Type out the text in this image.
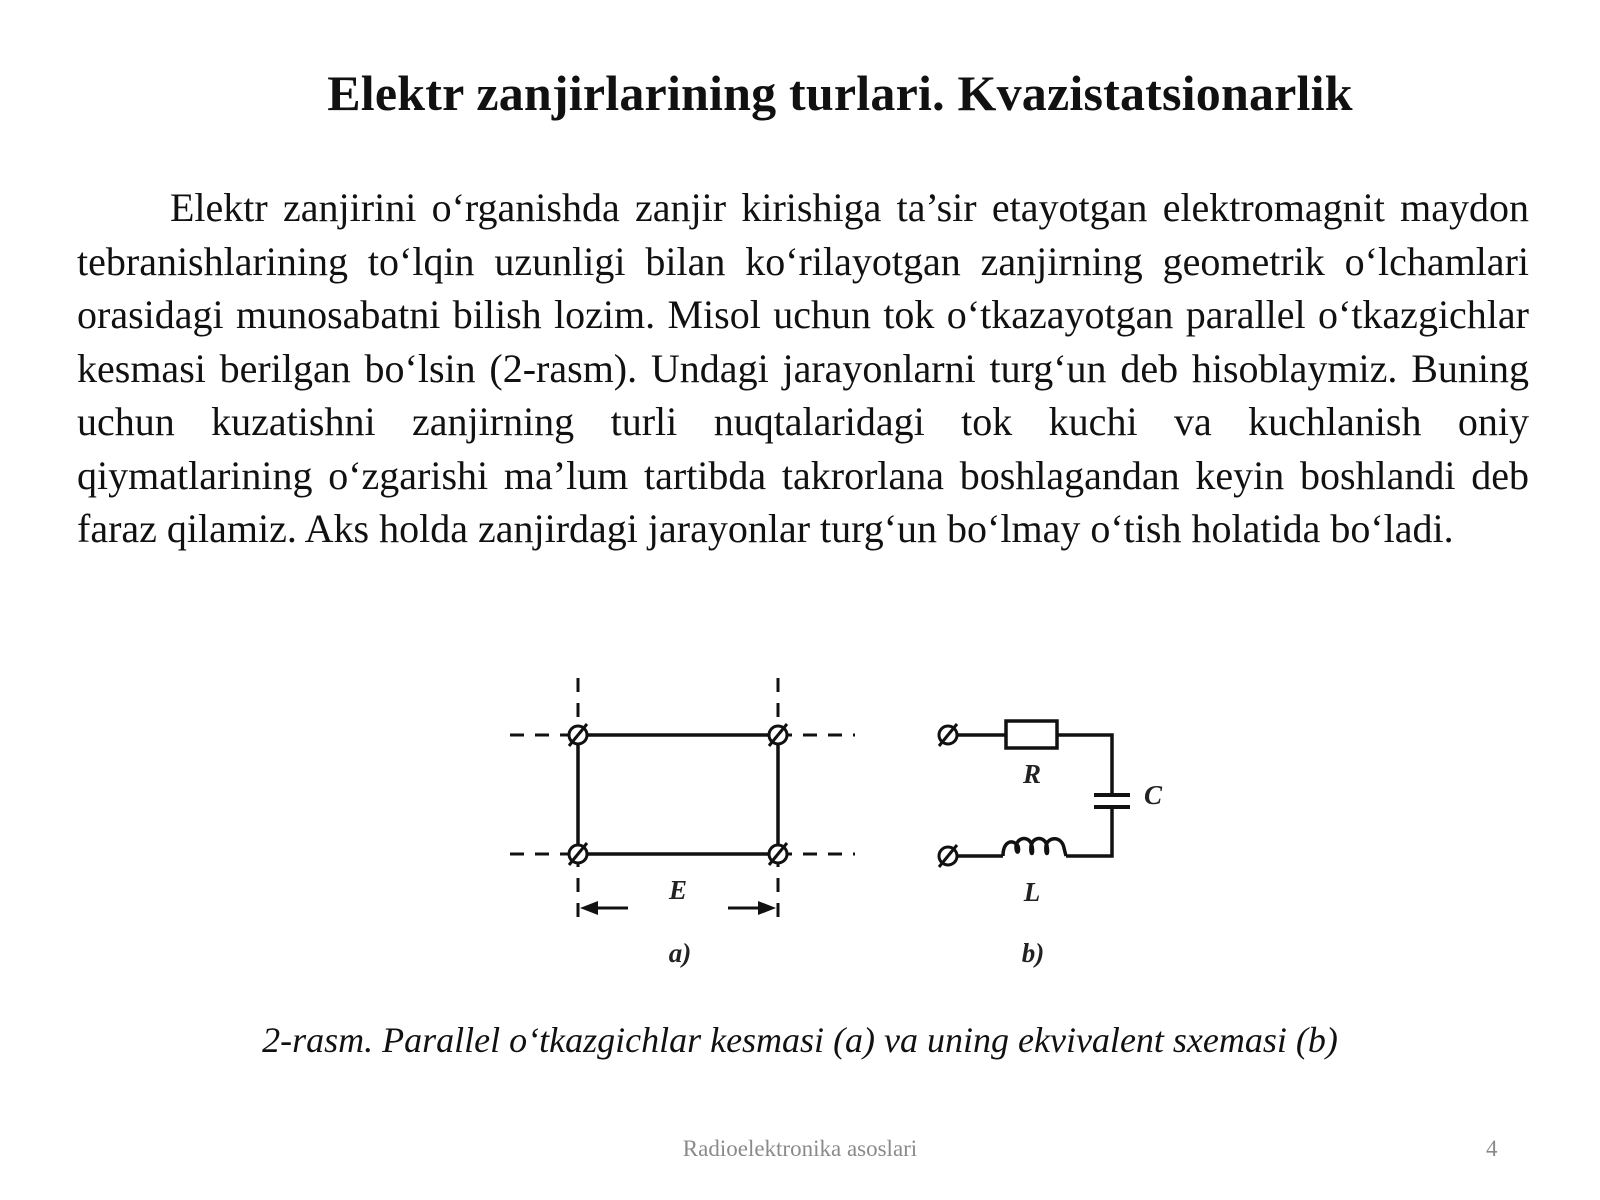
Elektr zanjirlarining turlari. Kvazistatsionarlik

Elektr zanjirini o‘rganishda zanjir kirishiga ta’sir etayotgan elektromagnit maydon tebranishlarining to‘lqin uzunligi bilan ko‘rilayotgan zanjirning geometrik o‘lchamlari orasidagi munosabatni bilish lozim. Misol uchun tok o‘tkazayotgan parallel o‘tkazgichlar kesmasi berilgan bo‘lsin (2-rasm). Undagi jarayonlarni turg‘un deb hisoblaymiz. Buning uchun kuzatishni zanjirning turli nuqtalaridagi tok kuchi va kuchlanish oniy qiymatlarining o‘zgarishi ma’lum tartibda takrorlana boshlagandan keyin boshlandi deb faraz qilamiz. Aks holda zanjirdagi jarayonlar turg‘un bo‘lmay o‘tish holatida bo‘ladi.

E
a)
R
C
L
b)

2-rasm. Parallel o‘tkazgichlar kesmasi (a) va uning ekvivalent sxemasi (b)

Radioelektronika asoslari	4
